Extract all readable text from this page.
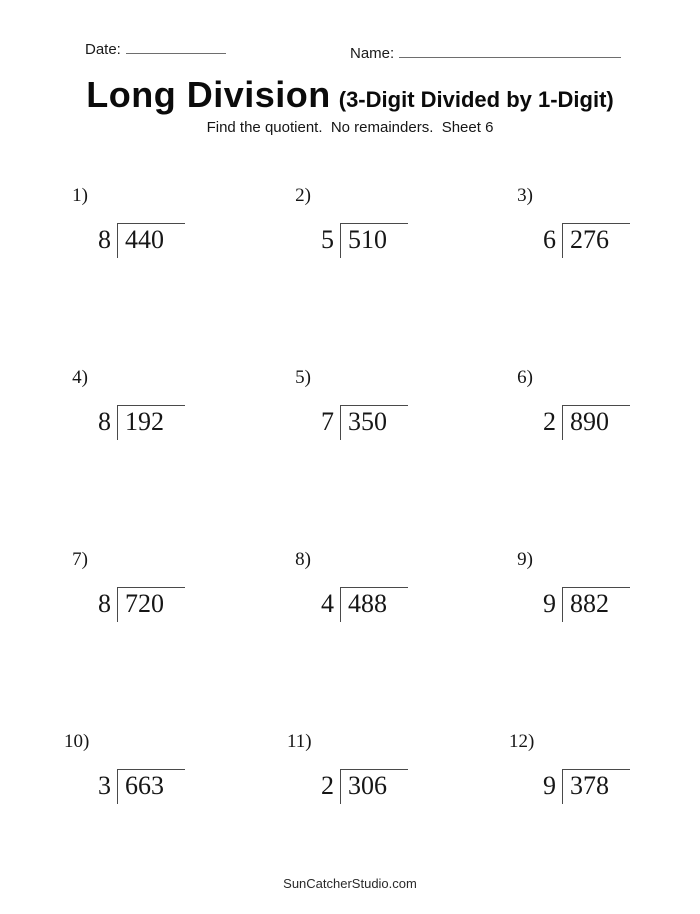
Date:	Name:
Long Division (3-Digit Divided by 1-Digit)
Find the quotient.  No remainders.  Sheet 6
1)
8 440
2)
5 510
3)
6 276
4)
8 192
5)
7 350
6)
2 890
7)
8 720
8)
4 488
9)
9 882
10)
3 663
11)
2 306
12)
9 378
SunCatcherStudio.com
